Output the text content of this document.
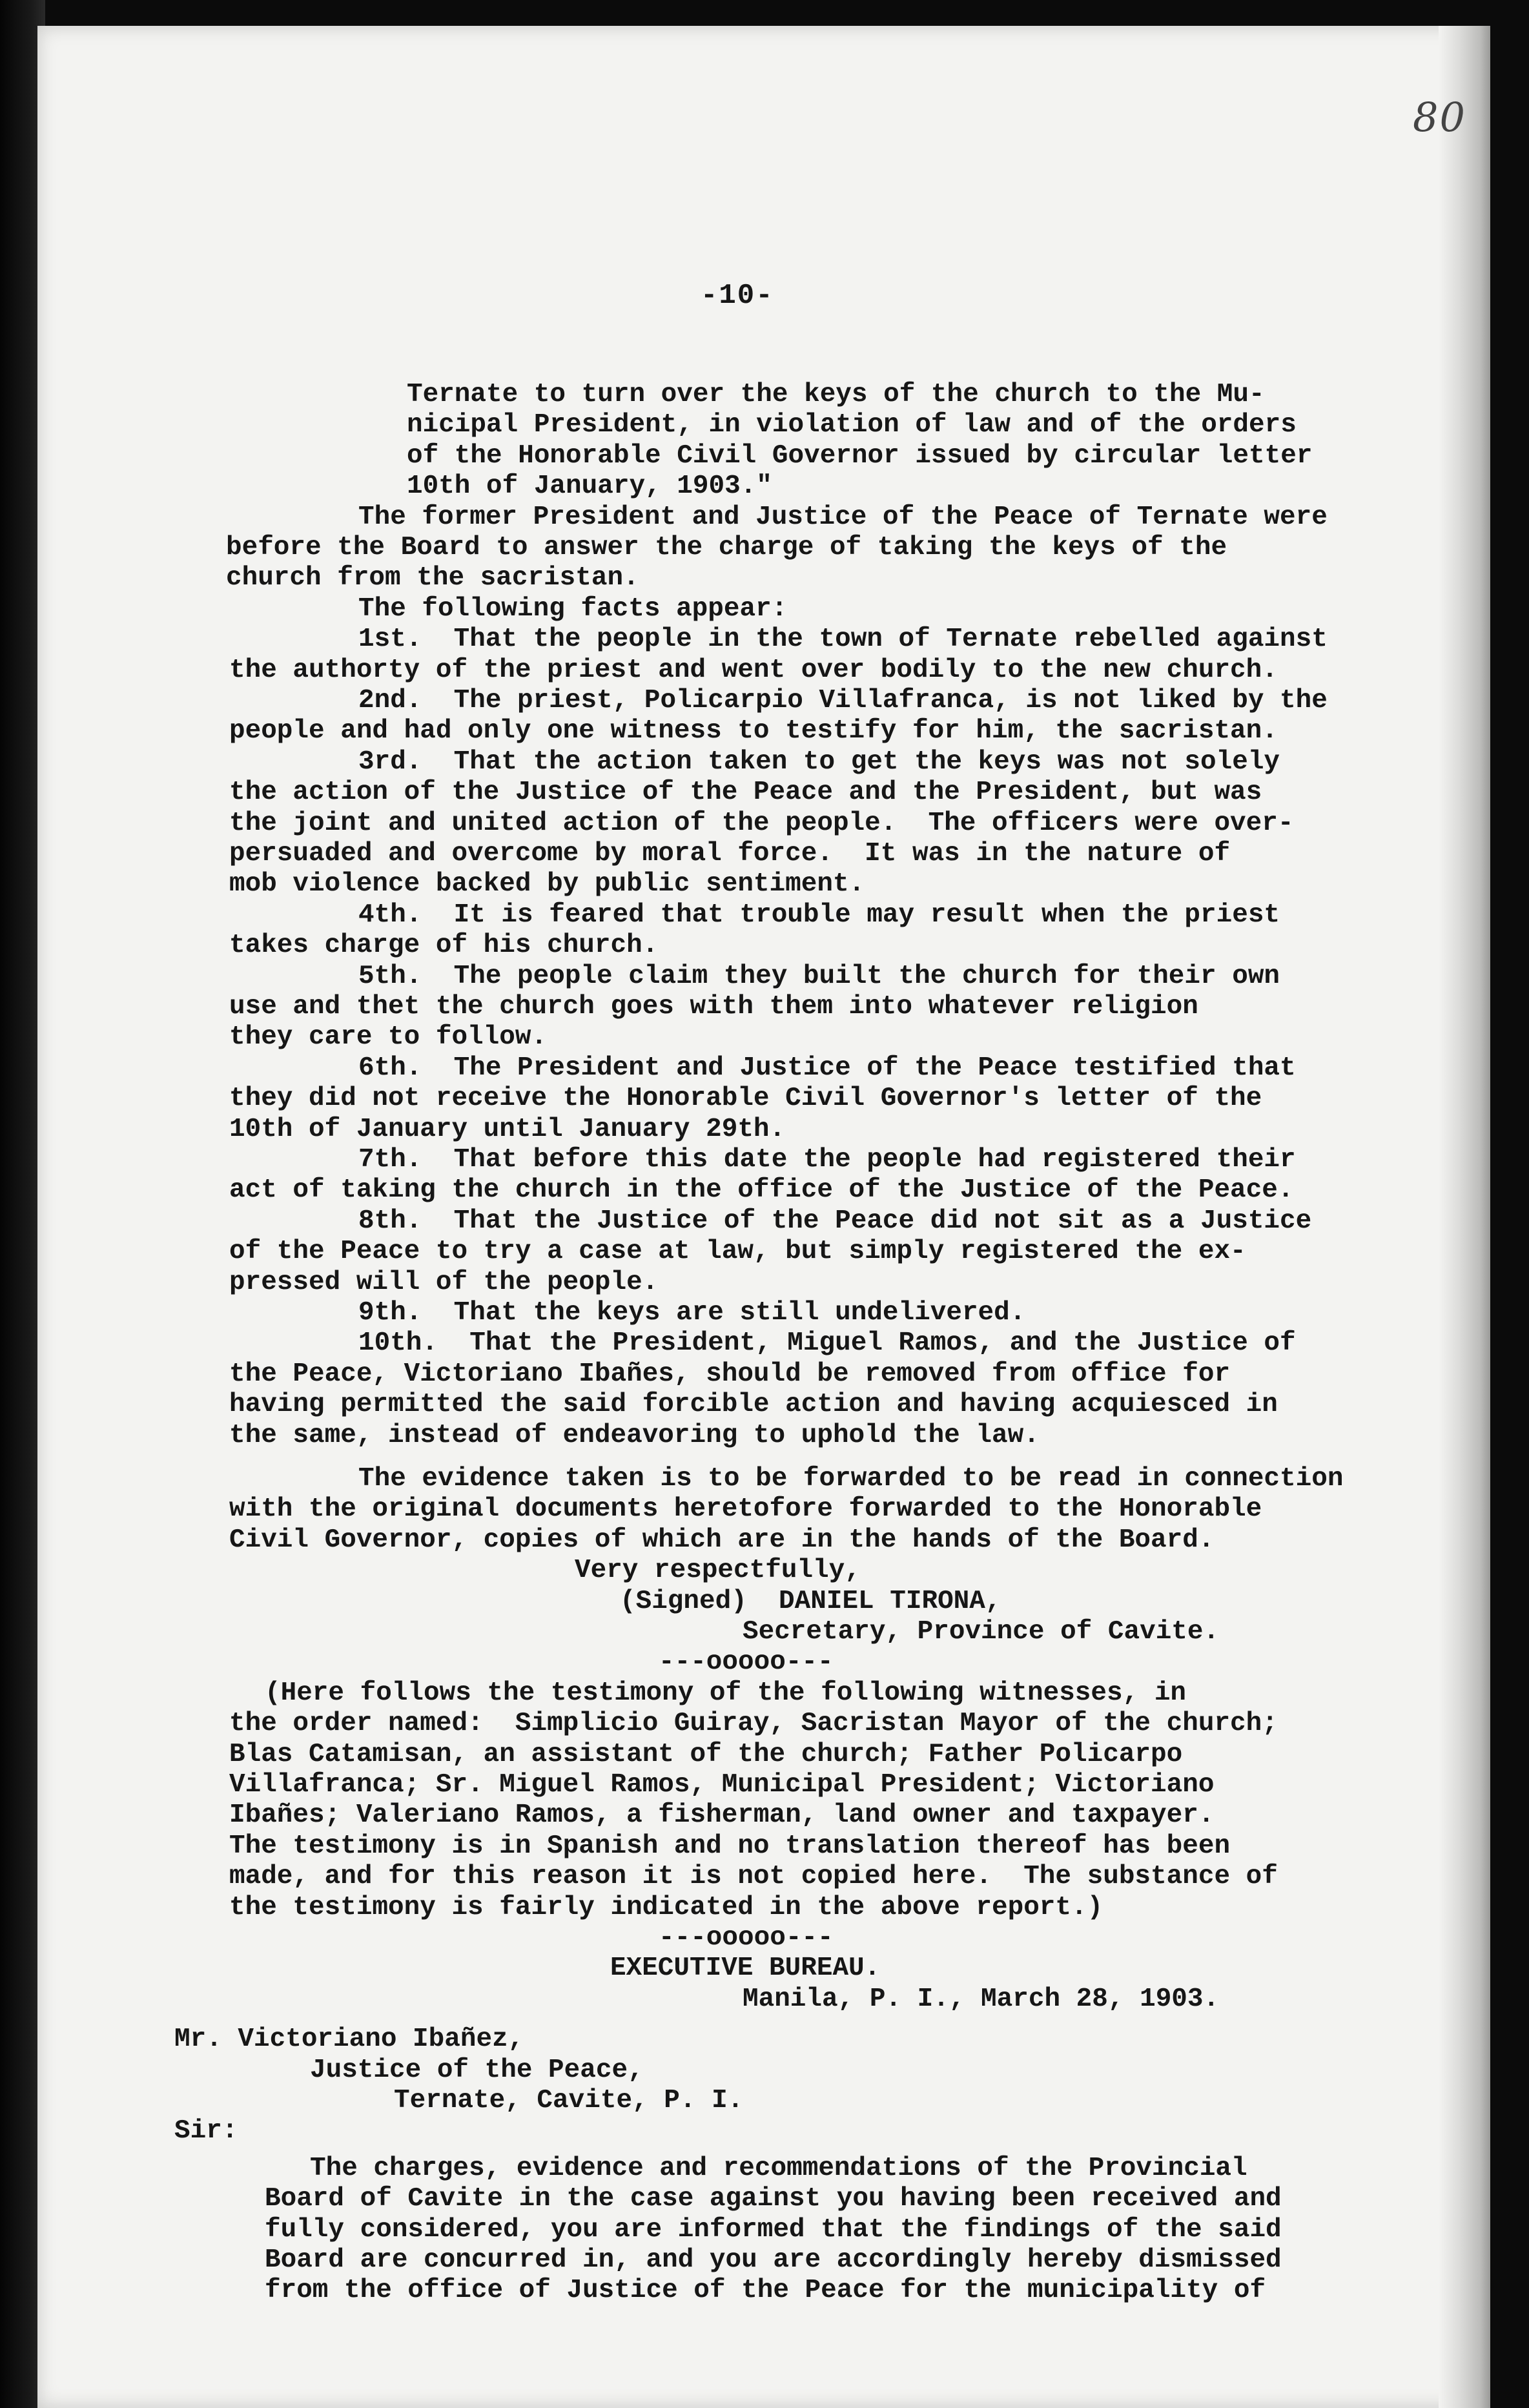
80
-10-
Ternate to turn over the keys of the church to the Mu-
nicipal President, in violation of law and of the orders
of the Honorable Civil Governor issued by circular letter
10th of January, 1903."
The former President and Justice of the Peace of Ternate were
before the Board to answer the charge of taking the keys of the
church from the sacristan.
The following facts appear:
1st.  That the people in the town of Ternate rebelled against
the authorty of the priest and went over bodily to the new church.
2nd.  The priest, Policarpio Villafranca, is not liked by the
people and had only one witness to testify for him, the sacristan.
3rd.  That the action taken to get the keys was not solely
the action of the Justice of the Peace and the President, but was
the joint and united action of the people.  The officers were over-
persuaded and overcome by moral force.  It was in the nature of
mob violence backed by public sentiment.
4th.  It is feared that trouble may result when the priest
takes charge of his church.
5th.  The people claim they built the church for their own
use and thet the church goes with them into whatever religion
they care to follow.
6th.  The President and Justice of the Peace testified that
they did not receive the Honorable Civil Governor's letter of the
10th of January until January 29th.
7th.  That before this date the people had registered their
act of taking the church in the office of the Justice of the Peace.
8th.  That the Justice of the Peace did not sit as a Justice
of the Peace to try a case at law, but simply registered the ex-
pressed will of the people.
9th.  That the keys are still undelivered.
10th.  That the President, Miguel Ramos, and the Justice of
the Peace, Victoriano Ibañes, should be removed from office for
having permitted the said forcible action and having acquiesced in
the same, instead of endeavoring to uphold the law.
The evidence taken is to be forwarded to be read in connection
with the original documents heretofore forwarded to the Honorable
Civil Governor, copies of which are in the hands of the Board.
Very respectfully,
(Signed)  DANIEL TIRONA,
Secretary, Province of Cavite.
---ooooo---
(Here follows the testimony of the following witnesses, in
the order named:  Simplicio Guiray, Sacristan Mayor of the church;
Blas Catamisan, an assistant of the church; Father Policarpo
Villafranca; Sr. Miguel Ramos, Municipal President; Victoriano
Ibañes; Valeriano Ramos, a fisherman, land owner and taxpayer.
The testimony is in Spanish and no translation thereof has been
made, and for this reason it is not copied here.  The substance of
the testimony is fairly indicated in the above report.)
---ooooo---
EXECUTIVE BUREAU.
Manila, P. I., March 28, 1903.
Mr. Victoriano Ibañez,
Justice of the Peace,
Ternate, Cavite, P. I.
Sir:
The charges, evidence and recommendations of the Provincial
Board of Cavite in the case against you having been received and
fully considered, you are informed that the findings of the said
Board are concurred in, and you are accordingly hereby dismissed
from the office of Justice of the Peace for the municipality of
